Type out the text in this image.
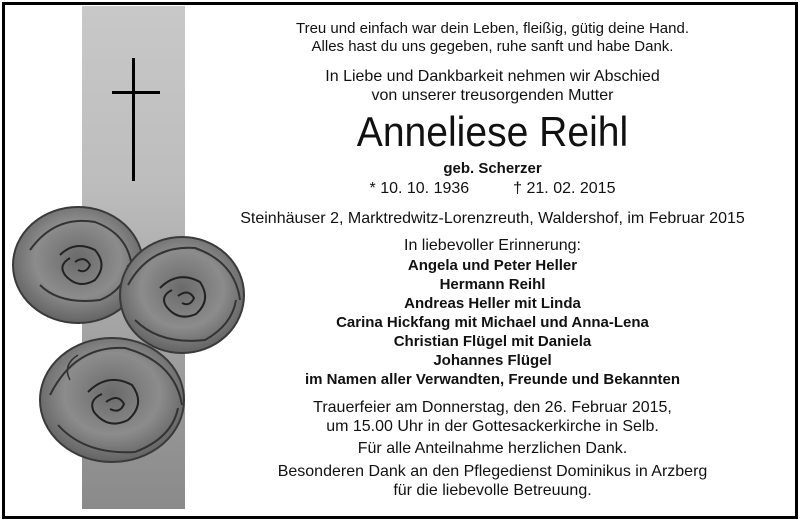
Treu und einfach war dein Leben, fleißig, gütig deine Hand.
Alles hast du uns gegeben, ruhe sanft und habe Dank.
In Liebe und Dankbarkeit nehmen wir Abschied
von unserer treusorgenden Mutter
Anneliese Reihl
geb. Scherzer
* 10. 10. 1936	† 21. 02. 2015
Steinhäuser 2, Marktredwitz-Lorenzreuth, Waldershof, im Februar 2015
In liebevoller Erinnerung:
Angela und Peter Heller
Hermann Reihl
Andreas Heller mit Linda
Carina Hickfang mit Michael und Anna-Lena
Christian Flügel mit Daniela
Johannes Flügel
im Namen aller Verwandten, Freunde und Bekannten
Trauerfeier am Donnerstag, den 26. Februar 2015,
um 15.00 Uhr in der Gottesackerkirche in Selb.
Für alle Anteilnahme herzlichen Dank.
Besonderen Dank an den Pflegedienst Dominikus in Arzberg
für die liebevolle Betreuung.
